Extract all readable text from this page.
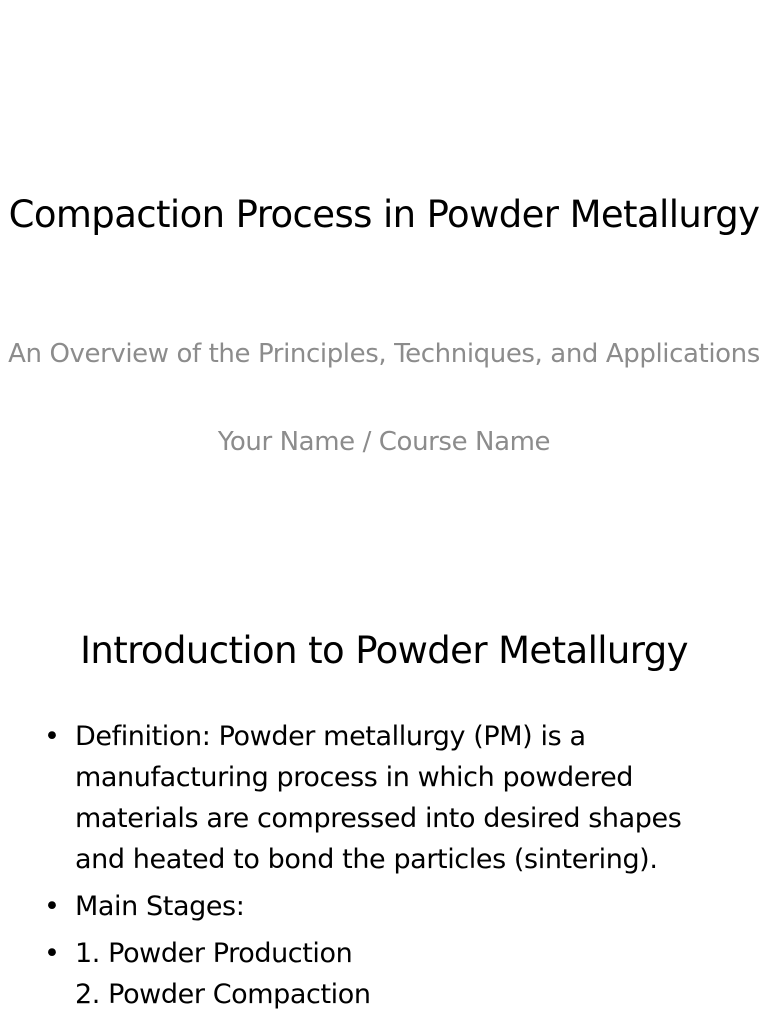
Compaction Process in Powder Metallurgy
An Overview of the Principles, Techniques, and Applications
Your Name / Course Name
Introduction to Powder Metallurgy
• Definition: Powder metallurgy (PM) is a manufacturing process in which powdered materials are compressed into desired shapes and heated to bond the particles (sintering).
• Main Stages:
• 1. Powder Production
2. Powder Compaction
